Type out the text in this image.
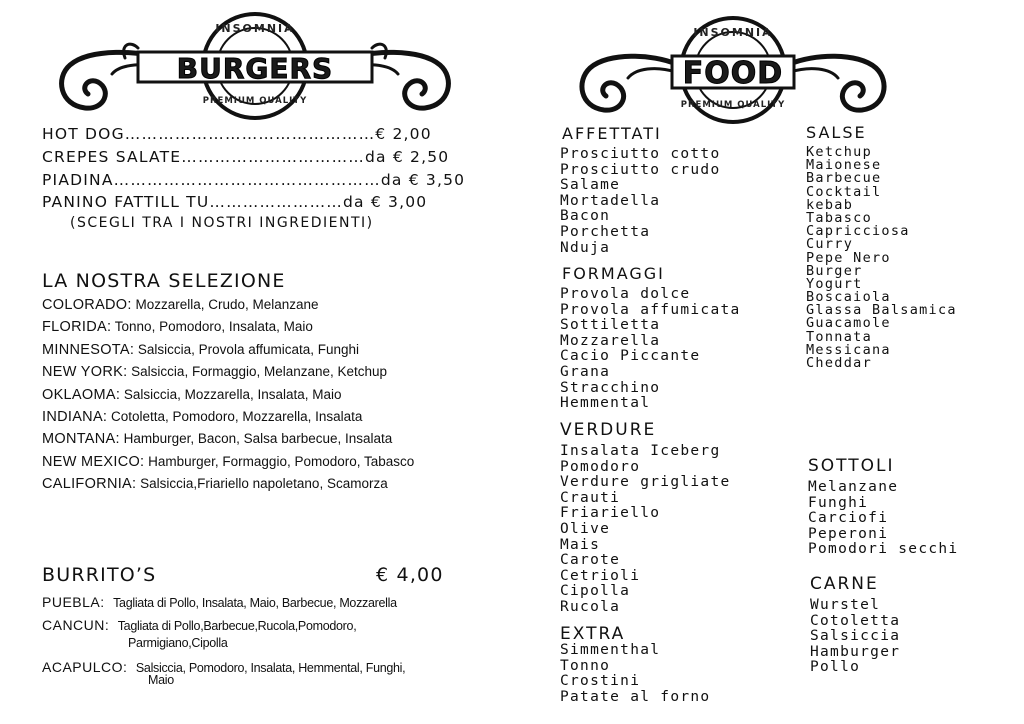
INSOMNIA
BURGERS
PREMIUM QUALITY
INSOMNIA
FOOD
PREMIUM QUALITY
HOT DOG………………………………………€ 2,00
CREPES SALATE……………………………da € 2,50
PIADINA…………………………………………da € 3,50
PANINO FATTILL TU……………………da € 3,00
(SCEGLI TRA I NOSTRI INGREDIENTI)
LA NOSTRA SELEZIONE
COLORADO: Mozzarella, Crudo, Melanzane
FLORIDA: Tonno, Pomodoro, Insalata, Maio
MINNESOTA: Salsiccia, Provola affumicata, Funghi
NEW YORK: Salsiccia, Formaggio, Melanzane, Ketchup
OKLAOMA: Salsiccia, Mozzarella, Insalata, Maio
INDIANA: Cotoletta, Pomodoro, Mozzarella, Insalata
MONTANA: Hamburger, Bacon, Salsa barbecue, Insalata
NEW MEXICO: Hamburger, Formaggio, Pomodoro, Tabasco
CALIFORNIA: Salsiccia,Friariello napoletano, Scamorza
BURRITO’S	€ 4,00
PUEBLA: Tagliata di Pollo, Insalata, Maio, Barbecue, Mozzarella
CANCUN: Tagliata di Pollo,Barbecue,Rucola,Pomodoro,
Parmigiano,Cipolla
ACAPULCO: Salsiccia, Pomodoro, Insalata, Hemmental, Funghi,
Maio
AFFETTATI
Prosciutto cotto
Prosciutto crudo
Salame
Mortadella
Bacon
Porchetta
Nduja
FORMAGGI
Provola dolce
Provola affumicata
Sottiletta
Mozzarella
Cacio Piccante
Grana
Stracchino
Hemmental
VERDURE
Insalata Iceberg
Pomodoro
Verdure grigliate
Crauti
Friariello
Olive
Mais
Carote
Cetrioli
Cipolla
Rucola
EXTRA
Simmenthal
Tonno
Crostini
Patate al forno
SALSE
Ketchup
Maionese
Barbecue
Cocktail
kebab
Tabasco
Capricciosa
Curry
Pepe Nero
Burger
Yogurt
Boscaiola
Glassa Balsamica
Guacamole
Tonnata
Messicana
Cheddar
SOTTOLI
Melanzane
Funghi
Carciofi
Peperoni
Pomodori secchi
CARNE
Wurstel
Cotoletta
Salsiccia
Hamburger
Pollo
